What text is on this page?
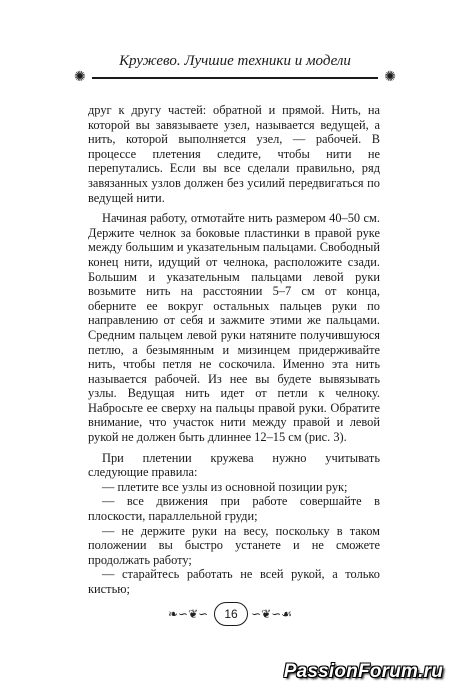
✺
Кружево. Лучшие техники и модели
✺

друг к другу частей: обратной и прямой. Нить, на которой вы завязываете узел, называется ведущей, а нить, которой выполняется узел, — рабочей. В процессе плетения следите, чтобы нити не перепутались. Если вы все сделали правильно, ряд завязанных узлов должен без усилий передвигаться по ведущей нити.

Начиная работу, отмотайте нить размером 40–50 см. Держите челнок за боковые пластинки в правой руке между большим и указательным пальцами. Свободный конец нити, идущий от челнока, расположите сзади. Большим и указательным пальцами левой руки возьмите нить на расстоянии 5–7 см от конца, оберните ее вокруг остальных пальцев руки по направлению от себя и зажмите этими же пальцами. Средним пальцем левой руки натяните получившуюся петлю, а безымянным и мизинцем придерживайте нить, чтобы петля не соскочила. Именно эта нить называется рабочей. Из нее вы будете вывязывать узлы. Ведущая нить идет от петли к челноку. Набросьте ее сверху на пальцы правой руки. Обратите внимание, что участок нити между правой и левой рукой не должен быть длиннее 12–15 см (рис. 3).

При плетении кружева нужно учитывать следующие правила:

— плетите все узлы из основной позиции рук;

— все движения при работе совершайте в плоскости, параллельной груди;

— не держите руки на весу, поскольку в таком положении вы быстро устанете и не сможете продолжать работу;

— старайтесь работать не всей рукой, а только кистью;

❧∽❦∽	16	∽❦∽☙
PassionForum.ru
